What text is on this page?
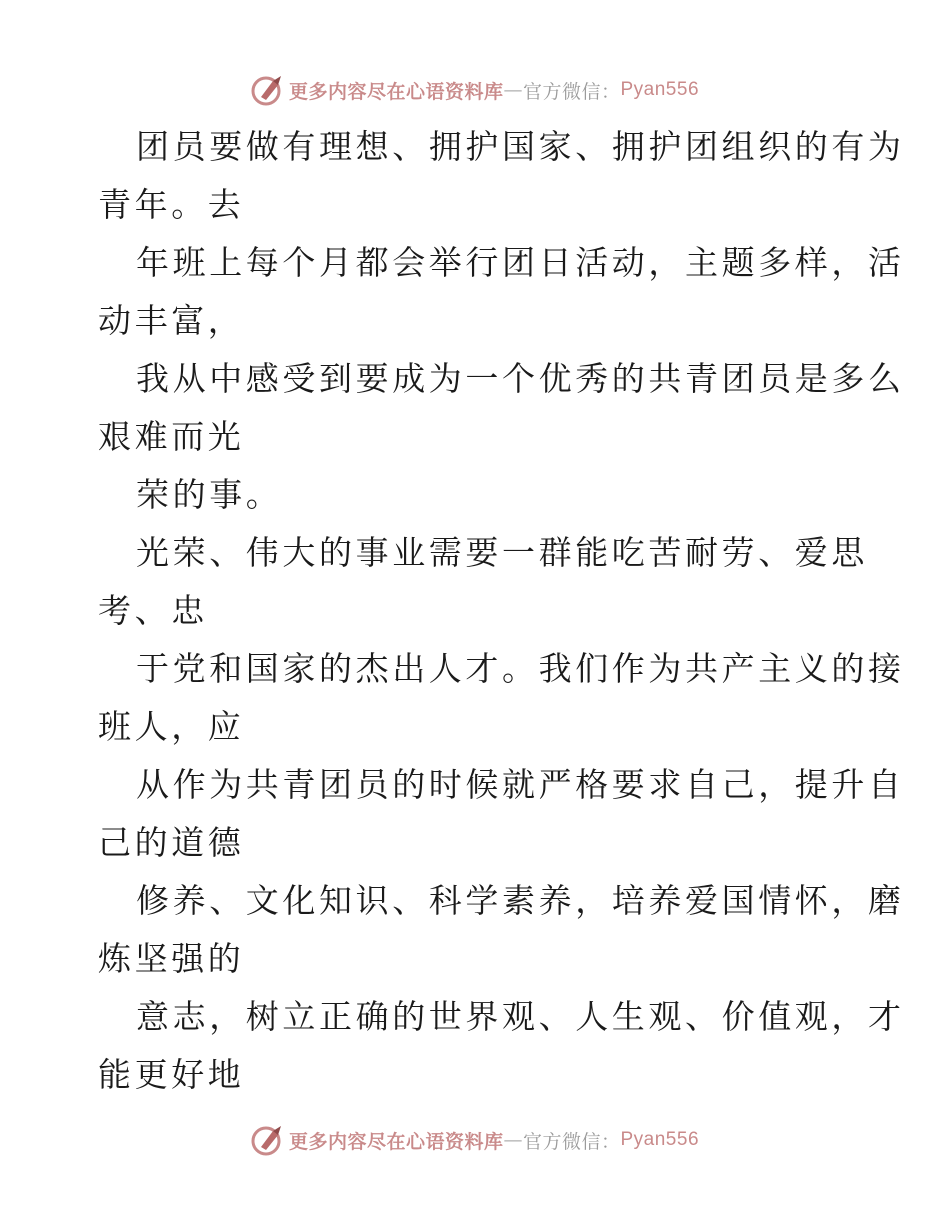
更多内容尽在心语资料库 — 官方微信： Pyan556
团员要做有理想、拥护国家、拥护团组织的有为
青年。去
年班上每个月都会举行团日活动，主题多样，活
动丰富，
我从中感受到要成为一个优秀的共青团员是多么
艰难而光
荣的事。
光荣、伟大的事业需要一群能吃苦耐劳、爱思
考、忠
于党和国家的杰出人才。我们作为共产主义的接
班人，应
从作为共青团员的时候就严格要求自己，提升自
己的道德
修养、文化知识、科学素养，培养爱国情怀，磨
炼坚强的
意志，树立正确的世界观、人生观、价值观，才
能更好地
更多内容尽在心语资料库 — 官方微信： Pyan556
